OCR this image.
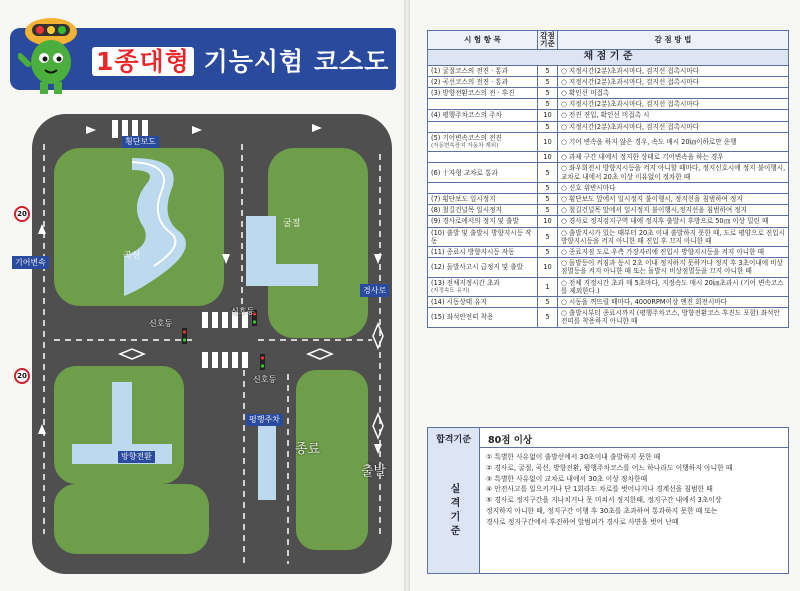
1종대형 기능시험 코스도
횡단보도
곡선
굴절
신호등
신호등
신호등
평행주차
방향전환	종료
출발
기어변속
경사로
20
20
채 점 기 준		
시 험 항 목	감점 기준	감 점 방 법
(1) 굴절코스의 전진 · 통과	5	○ 지정시간(2분)초과시마다, 검지선 접촉시마다
(2) 곡선코스의 전진 · 통과	5	○ 지정시간(2분)초과시마다, 검지선 접촉시마다
(3) 방향전환코스의 전 · 후진	5	○ 확인선 미접촉
	5	○ 지정시간(2분)초과시마다, 검지선 접촉시마다
(4) 평행주차코스의 주차	10	○ 전진 진입, 확인선 미접촉 시
	5	○ 지정시간(2분)초과시마다, 검지선 접촉시마다
(5) 기어변속코스의 전진
(자동변속장치 자동차 제외)	10	○ 기어 변속을 하지 않은 경우, 속도 매시 20㎞이하로만 운행
	10	○ 과제 구간 내에서 정지한 상태로 기어변속을 하는 경우
(6) 十자형 교차로 통과	5	○ 좌우회전시 방향지시등을 켜지 아니할 때마다, 정지신호시에 정지 불이행시, 교차로 내에서 20초 이상 이유없이 정차한 때
	5	○ 신호 위반시마다
(7) 횡단보도 일시정지	5	○ 횡단보도 앞에서 일시정지 불이행시, 정지선을 침범하여 정지
(8) 철길건널목 일시정지	5	○ 철길건널목 앞에서 일시정지 불이행시,정지선을 침범하여 정지
(9) 경사로에서의 정지 및 출발	10	○ 경사로 정지검지구역 내에 정지후 출발시 후방으로 50㎝ 이상 밀린 때
(10) 출발 및 출발시 방향지시등 작동	5	○ 출발지시가 있는 때부터 20초 이내 출발하지 못한 때, 도로 평양으로 진입시 방향지시등을 켜지 아니한 때 진입 후 끄지 아니한 때
(11) 종료시 방향지시등 작동	5	○ 종료지점 도로 우측 가장자리에 진입시 방향지시등을 켜지 아니한 때
(12) 돌발사고시 급정지 및 출발	10	○ 돌발등이 켜짐과 동시 2초 이내 정지하지 못하거나 정지 후 3초이내에 비상점멸등을 켜지 아니한 때 또는 돌발시 비상점멸등을 끄지 아니한 때
(13) 전체지정시간 초과
(지정속도 유지)	1	○ 전체 지정시간 초과 매 5초마다, 지정속도 매시 20㎞초과시 (기어 변속코스를 제외한다.)
(14) 시동상태 유지	5	○ 시동을 꺼뜨릴 때마다, 4000RPM이상 엔진 회전시마다
(15) 좌석안전띠 착용	5	○ 출발시부터 종료시까지 (평행주차코스, 방향전환코스 후진도 포함) 좌석안전띠를 착용하지 아니한 때
합격기준	80점 이상
실격기준
① 특별한 사유없이 출발선에서 30초이내 출발하지 못한 때
② 경사로, 굴절, 곡선, 방향전환, 평행주차코스를 어느 하나라도 이행하지 아니한 때
③ 특별한 사유없이 교차로 내에서 30초 이상 정차한때
④ 안전사고를 일으키거나 단 1회라도 차로를 벗어나거나 경계선을 침범한 때
⑤ 경사로 정지구간을 지나치거나 못 미쳐서 정지한때, 정지구간 내에서 3초이상
정지하지 아니한 때, 정지구간 이행 후 30초를 초과하여 통과하지 못한 때 또는
경사로 정지구간에서 후진하여 앞범퍼가 경사로 사면을 벗어 난때
